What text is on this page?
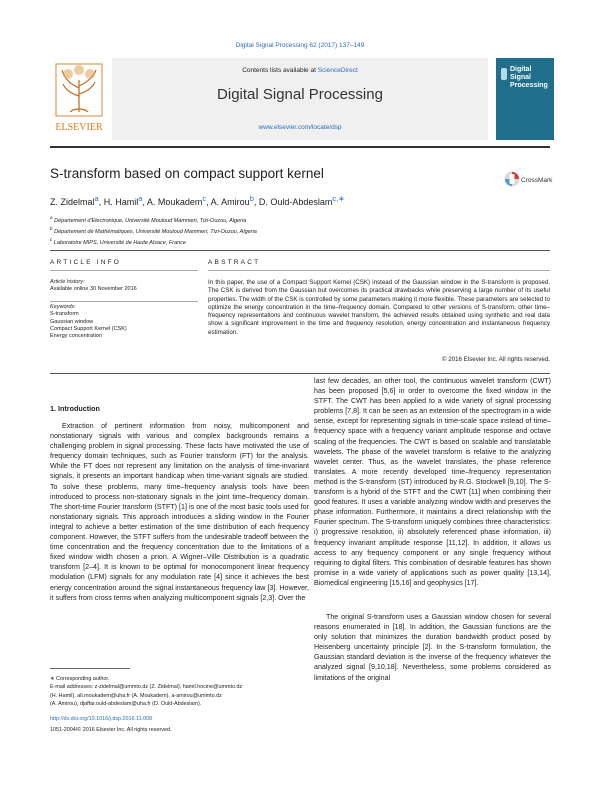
Digital Signal Processing 62 (2017) 137–149
Contents lists available at ScienceDirect
Digital Signal Processing
www.elsevier.com/locate/dsp
ELSEVIER
Digital Signal Processing
S-transform based on compact support kernel	CrossMark
Z. Zidelmal$^a$, H. Hamil$^a$, A. Moukadem$^c$, A. Amirou$^b$, D. Ould-Abdeslam$^{c,∗}$
$^a$ Département d'Electronique, Université Mouloud Mammeri, Tizi-Ouzou, Algeria
$^b$ Département de Mathématiques, Université Mouloud Mammeri, Tizi-Ouzou, Algeria
$^c$ Laboratoire MIPS, Université de Haute Alsace, France
ARTICLE INFO	ABSTRACT
Article history:
Available online 30 November 2016
Keywords:
S-transform
Gaussian window
Compact Support Kernel (CSK)
Energy concentration
In this paper, the use of a Compact Support Kernel (CSK) instead of the Gaussian window in the S-transform is proposed. The CSK is derived from the Gaussian but overcomes its practical drawbacks while preserving a large number of its useful properties. The width of the CSK is controlled by some parameters making it more flexible. These parameters are selected to optimize the energy concentration in the time–frequency domain. Compared to other versions of S-transform, other time–frequency representations and continuous wavelet transform, the achieved results obtained using synthetic and real data show a significant improvement in the time and frequency resolution, energy concentration and instantaneous frequency estimation.
© 2016 Elsevier Inc. All rights reserved.
1. Introduction
Extraction of pertinent information from noisy, multicomponent and nonstationary signals with various and complex backgrounds remains a challenging problem in signal processing. These facts have motivated the use of frequency domain techniques, such as Fourier transform (FT) for the analysis. While the FT does not represent any limitation on the analysis of time-invariant signals, it presents an important handicap when time-variant signals are studied. To solve these problems, many time–frequency analysis tools have been introduced to process non-stationary signals in the joint time–frequency domain. The short-time Fourier transform (STFT) [1] is one of the most basic tools used for nonstationary signals. This approach introduces a sliding window in the Fourier integral to achieve a better estimation of the time distribution of each frequency component. However, the STFT suffers from the undesirable tradeoff between the time concentration and the frequency concentration due to the limitations of a fixed window width chosen a priori. A Wigner–Ville Distribution is a quadratic transform [2–4]. It is known to be optimal for monocomponent linear frequency modulation (LFM) signals for any modulation rate [4] since it achieves the best energy concentration around the signal instantaneous frequency law [3]. However, it suffers from cross terms when analyzing multicomponent signals [2,3]. Over the
last few decades, an other tool, the continuous wavelet transform (CWT) has been proposed [5,6] in order to overcome the fixed window in the STFT. The CWT has been applied to a wide variety of signal processing problems [7,8]. It can be seen as an extension of the spectrogram in a wide sense, except for representing signals in time-scale space instead of time–frequency space with a frequency variant amplitude response and octave scaling of the frequencies. The CWT is based on scalable and translatable wavelets. The phase of the wavelet transform is relative to the analyzing wavelet center. Thus, as the wavelet translates, the phase reference translates. A more recently developed time–frequency representation method is the S-transform (ST) introduced by R.G. Stockwell [9,10]. The S-transform is a hybrid of the STFT and the CWT [11] when combining their good features. It uses a variable analyzing window width and preserves the phase information. Furthermore, it maintains a direct relationship with the Fourier spectrum. The S-transform uniquely combines three characteristics: i) progressive resolution, ii) absolutely referenced phase information, iii) frequency invariant amplitude response [11,12]. In addition, it allows us access to any frequency component or any single frequency without requiring to digital filters. This combination of desirable features has shown promise in a wide variety of applications such as power quality [13,14], Biomedical engineering [15,16] and geophysics [17].
The original S-transform uses a Gaussian window chosen for several reasons enumerated in [18]. In addition, the Gaussian functions are the only solution that minimizes the duration bandwidth product posed by Heisenberg uncertainty principle [2]. In the S-transform formulation, the Gaussian standard deviation is the inverse of the frequency whatever the analyzed signal [9,10,18]. Nevertheless, some problems considered as limitations of the original
∗ Corresponding author.
E-mail addresses: z-zidelmal@ummto.dz (Z. Zidelmal), hamil.hocine@ummto.dz
(H. Hamil), ali.moukadem@uha.fr (A. Moukadem), a-amirou@ummto.dz
(A. Amirou), djaffar.ould-abdeslam@uha.fr (D. Ould-Abdeslam).
http://dx.doi.org/10.1016/j.dsp.2016.11.008
1051-2004/© 2016 Elsevier Inc. All rights reserved.
